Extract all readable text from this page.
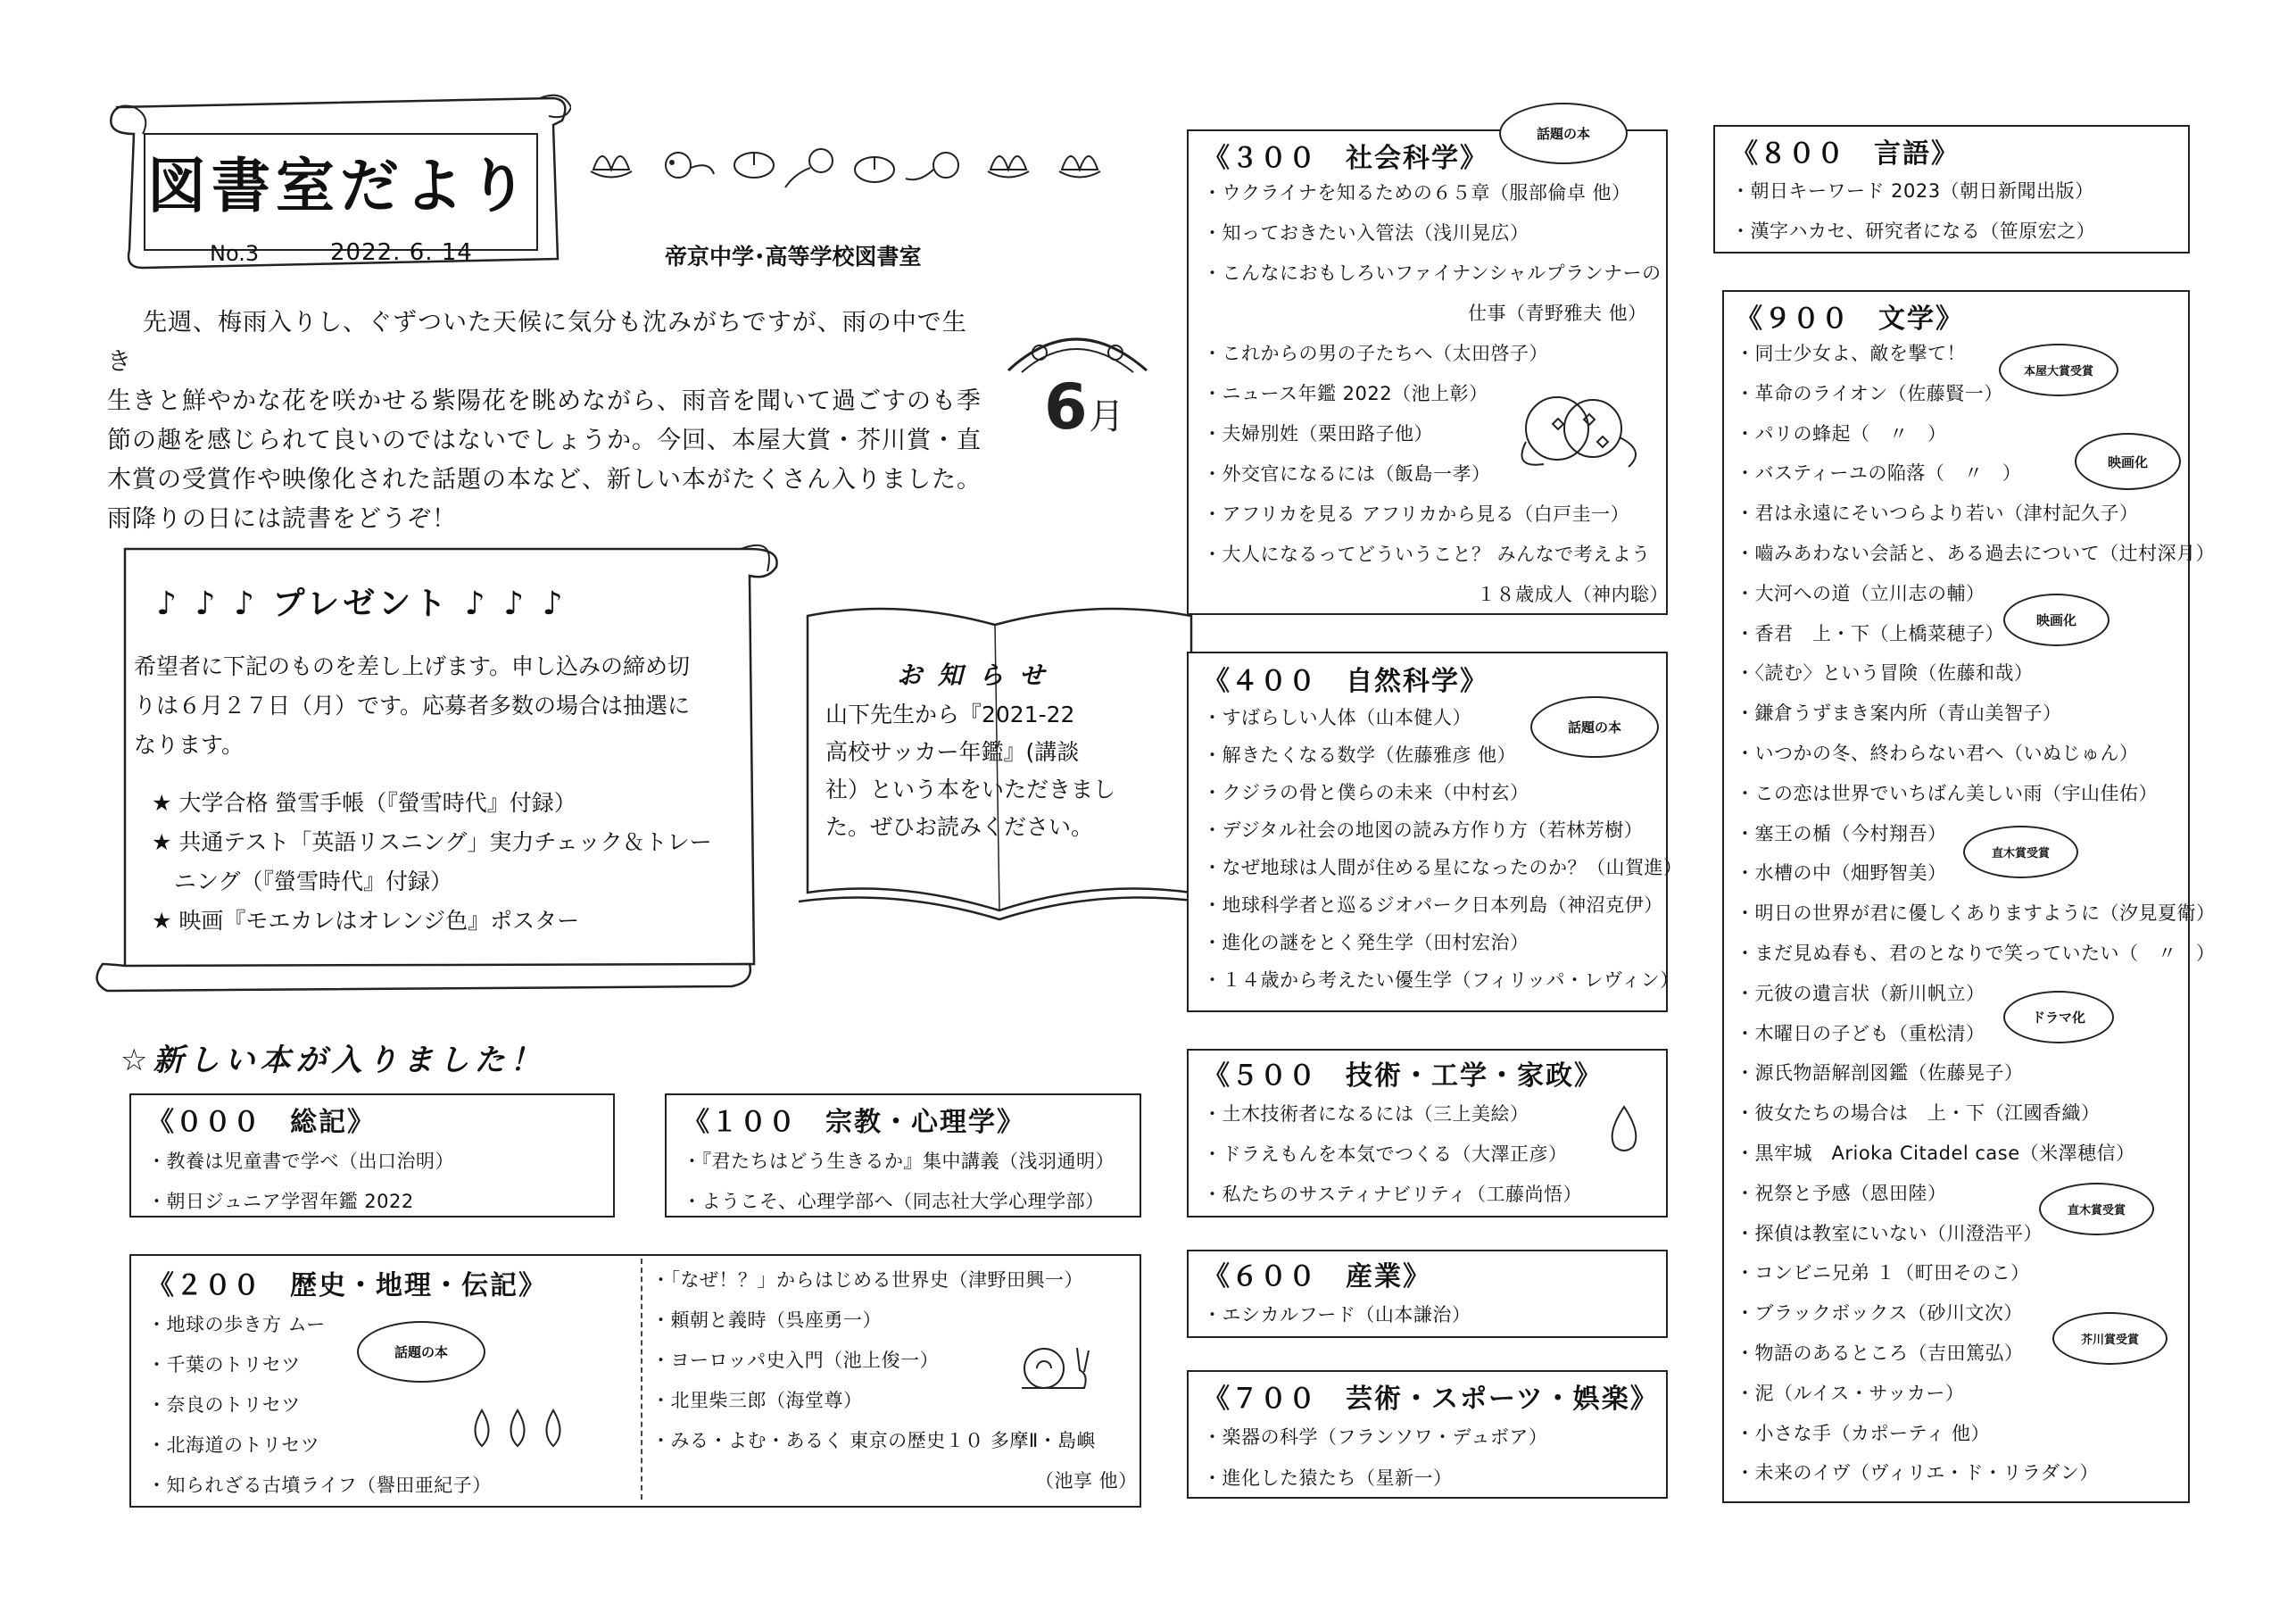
図書室だより
No.3	2022. 6. 14	帝京中学･高等学校図書室
6 月
先週、梅雨入りし、ぐずついた天候に気分も沈みがちですが、雨の中で生き
生きと鮮やかな花を咲かせる紫陽花を眺めながら、雨音を聞いて過ごすのも季
節の趣を感じられて良いのではないでしょうか。今回、本屋大賞・芥川賞・直
木賞の受賞作や映像化された話題の本など、新しい本がたくさん入りました。
雨降りの日には読書をどうぞ！
♪ ♪ ♪ プレゼント ♪ ♪ ♪
希望者に下記のものを差し上げます。申し込みの締め切
りは６月２７日（月）です。応募者多数の場合は抽選に
なります。
★ 大学合格 螢雪手帳（『螢雪時代』付録）
★ 共通テスト「英語リスニング」実力チェック＆トレー
　ニング（『螢雪時代』付録）
★ 映画『モエカレはオレンジ色』ポスター
お 知 ら せ
山下先生から『2021-22
高校サッカー年鑑』(講談
社）という本をいただきまし
た。ぜひお読みください。
☆新しい本が入りました！
《０００　総記》
・教養は児童書で学べ（出口治明）
・朝日ジュニア学習年鑑 2022
《１００　宗教・心理学》
・『君たちはどう生きるか』集中講義（浅羽通明）
・ようこそ、心理学部へ（同志社大学心理学部）
《２００　歴史・地理・伝記》
・地球の歩き方 ムー
・千葉のトリセツ
・奈良のトリセツ
・北海道のトリセツ
・知られざる古墳ライフ（譽田亜紀子）
話題の本
・「なぜ！？」からはじめる世界史（津野田興一）
・頼朝と義時（呉座勇一）
・ヨーロッパ史入門（池上俊一）
・北里柴三郎（海堂尊）
・みる・よむ・あるく 東京の歴史１０ 多摩Ⅱ・島嶼
（池享 他）
《３００　社会科学》
話題の本
・ウクライナを知るための６５章（服部倫卓 他）
・知っておきたい入管法（浅川晃広）
・こんなにおもしろいファイナンシャルプランナーの
仕事（青野雅夫 他）
・これからの男の子たちへ（太田啓子）
・ニュース年鑑 2022（池上彰）
・夫婦別姓（栗田路子他）
・外交官になるには（飯島一孝）
・アフリカを見る アフリカから見る（白戸圭一）
・大人になるってどういうこと？ みんなで考えよう
１８歳成人（神内聡）
《４００　自然科学》
話題の本
・すばらしい人体（山本健人）
・解きたくなる数学（佐藤雅彦 他）
・クジラの骨と僕らの未来（中村玄）
・デジタル社会の地図の読み方作り方（若林芳樹）
・なぜ地球は人間が住める星になったのか？（山賀進）
・地球科学者と巡るジオパーク日本列島（神沼克伊）
・進化の謎をとく発生学（田村宏治）
・１４歳から考えたい優生学（フィリッパ・レヴィン）
《５００　技術・工学・家政》
・土木技術者になるには（三上美絵）
・ドラえもんを本気でつくる（大澤正彦）
・私たちのサスティナビリティ（工藤尚悟）
《６００　産業》
・エシカルフード（山本謙治）
《７００　芸術・スポーツ・娯楽》
・楽器の科学（フランソワ・デュボア）
・進化した猿たち（星新一）
《８００　言語》
・朝日キーワード 2023（朝日新聞出版）
・漢字ハカセ、研究者になる（笹原宏之）
《９００　文学》
・同士少女よ、敵を撃て！
・革命のライオン（佐藤賢一）
・パリの蜂起（　〃　）
・バスティーユの陥落（　〃　）
・君は永遠にそいつらより若い（津村記久子）
・嚙みあわない会話と、ある過去について（辻村深月）
・大河への道（立川志の輔）
・香君　上・下（上橋菜穂子）
・〈読む〉という冒険（佐藤和哉）
・鎌倉うずまき案内所（青山美智子）
・いつかの冬、終わらない君へ（いぬじゅん）
・この恋は世界でいちばん美しい雨（宇山佳佑）
・塞王の楯（今村翔吾）
・水槽の中（畑野智美）
・明日の世界が君に優しくありますように（汐見夏衛）
・まだ見ぬ春も、君のとなりで笑っていたい（　〃　）
・元彼の遺言状（新川帆立）
・木曜日の子ども（重松清）
・源氏物語解剖図鑑（佐藤晃子）
・彼女たちの場合は　上・下（江國香織）
・黒牢城　Arioka Citadel case（米澤穂信）
・祝祭と予感（恩田陸）
・探偵は教室にいない（川澄浩平）
・コンビニ兄弟 １（町田そのこ）
・ブラックボックス（砂川文次）
・物語のあるところ（吉田篤弘）
・泥（ルイス・サッカー）
・小さな手（カポーティ 他）
・未来のイヴ（ヴィリエ・ド・リラダン）
本屋大賞受賞
映画化
映画化
直木賞受賞
ドラマ化
直木賞受賞
芥川賞受賞
